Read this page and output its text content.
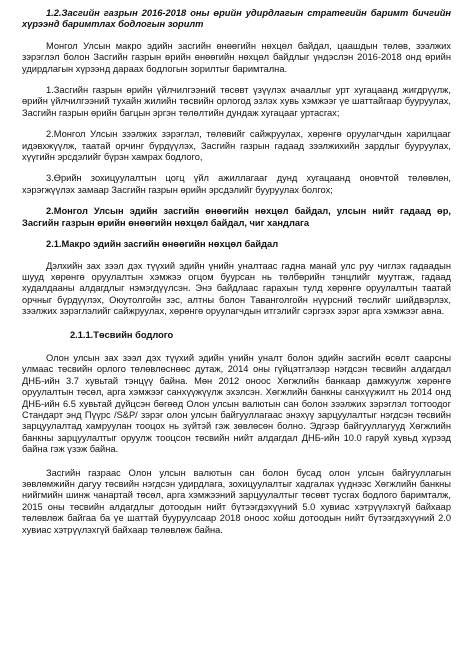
1.2.Засгийн газрын 2016-2018 оны өрийн удирдлагын стратегийн баримт бичгийн хүрээнд баримтлах бодлогын зорилт

Монгол Улсын макро эдийн засгийн өнөөгийн нөхцөл байдал, цаашдын төлөв, зээлжих зэрэглэл болон Засгийн газрын өрийн өнөөгийн нөхцөл байдлыг үндэслэн 2016-2018 онд өрийн удирдлагын хүрээнд дараах бодлогын зорилтыг баримтална.

1.Засгийн газрын өрийн үйлчилгээний төсөвт үзүүлэх ачааллыг урт хугацаанд жигдрүүлж, өрийн үйлчилгээний тухайн жилийн төсвийн орлогод эзлэх хувь хэмжээг үе шаттайгаар бууруулах, Засгийн газрын өрийн багцын эргэн төлөлтийн дундаж хугацааг уртасгах;

2.Монгол Улсын зээлжих зэрэглэл, төлөвийг сайжруулах, хөрөнгө оруулагчдын харилцааг идэвхжүүлж, таатай орчинг бүрдүүлэх, Засгийн газрын гадаад зээлжихийн зардлыг бууруулах, хүүгийн эрсдэлийг бүрэн хамрах бодлого,

3.Өрийн зохицуулалтын цогц үйл ажиллагааг дунд хугацаанд оновчтой төлөвлөн, хэрэгжүүлэх замаар Засгийн газрын өрийн эрсдэлийг бууруулах болгох;

2.Монгол Улсын эдийн засгийн өнөөгийн нөхцөл байдал, улсын нийт гадаад өр, Засгийн газрын өрийн өнөөгийн нөхцөл байдал, чиг хандлага

2.1.Макро эдийн засгийн өнөөгийн нөхцөл байдал

Дэлхийн зах зээл дэх түүхий эдийн үнийн уналтаас гадна манай улс руу чиглэх гадаадын шууд хөрөнгө оруулалтын хэмжээ огцом буурсан нь төлбөрийн тэнцлийг муутгаж, гадаад худалдааны алдагдлыг нэмэгдүүлсэн. Энэ байдлаас гарахын тулд хөрөнгө оруулалтын таатай орчныг бүрдүүлэх, Оюутолгойн зэс, алтны болон Таванголгойн нүүрсний төслийг шийдвэрлэх, зээлжих зэрэглэлийг сайжруулах, хөрөнгө оруулагчдын итгэлийг сэргээх зэрэг арга хэмжээг авна.

2.1.1.Төсвийн бодлого

Олон улсын зах зээл дэх түүхий эдийн үнийн уналт болон эдийн засгийн өсөлт саарсны улмаас төсвийн орлого төлөвлөснөөс дутаж, 2014 оны гүйцэтгэлээр нэгдсэн төсвийн алдагдал ДНБ-ийн 3.7 хувьтай тэнцүү байна. Мөн 2012 оноос Хөгжлийн банкаар дамжуулж хөрөнгө оруулалтын төсөл, арга хэмжээг санхүүжүүлж эхэлсэн. Хөгжлийн банкны санхүүжилт нь 2014 онд ДНБ-ийн 6.5 хувьтай дүйцсэн бөгөөд Олон улсын валютын сан болон зээлжих зэрэглэл тогтоодог Стандарт энд Пүүрс /S&P/ зэрэг олон улсын байгууллагаас энэхүү зарцуулалтыг нэгдсэн төсвийн зарцуулалтад хамруулан тооцох нь зүйтэй гэж зөвлөсөн болно. Эдгээр байгууллагууд Хөгжлийн банкны зарцуулалтыг оруулж тооцсон төсвийн нийт алдагдал ДНБ-ийн 10.0 гаруй хувьд хүрээд байна гэж үзэж байна.

Засгийн газраас Олон улсын валютын сан болон бусад олон улсын байгууллагын зөвлөмжийн дагуу төсвийн нэгдсэн удирдлага, зохицуулалтыг хадгалах үүднээс Хөгжлийн банкны нийгмийн шинж чанартай төсөл, арга хэмжээний зарцуулалтыг төсөвт тусгах бодлого баримталж, 2015 оны төсвийн алдагдлыг дотоодын нийт бүтээгдэхүүний 5.0 хувиас хэтрүүлэхгүй байхаар төлөвлөж байгаа ба үе шаттай бууруулсаар 2018 оноос хойш дотоодын нийт бүтээгдэхүүний 2.0 хувиас хэтрүүлэхгүй байхаар төлөвлөж байна.
